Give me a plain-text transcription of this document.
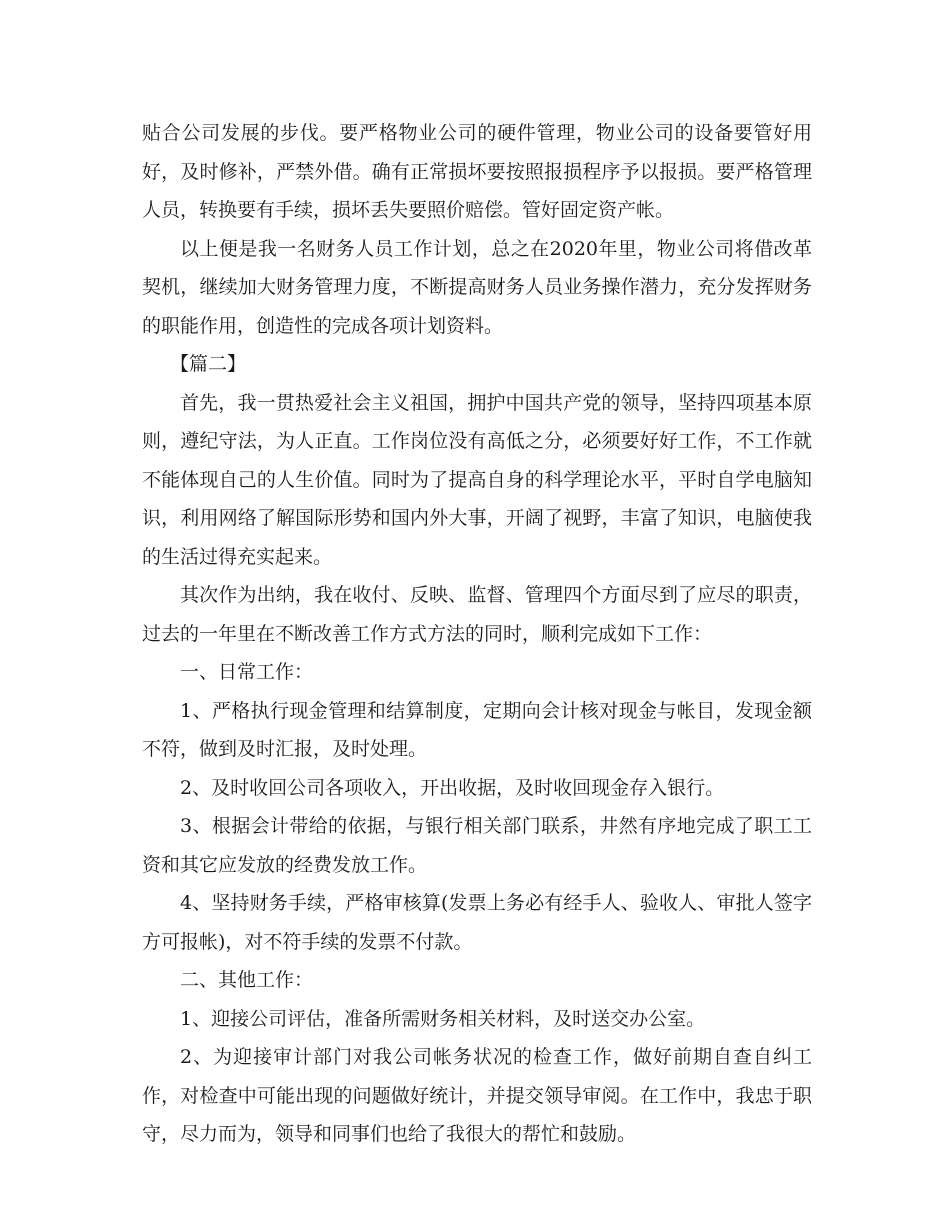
贴合公司发展的步伐。要严格物业公司的硬件管理，物业公司的设备要管好用好，及时修补，严禁外借。确有正常损坏要按照报损程序予以报损。要严格管理人员，转换要有手续，损坏丢失要照价赔偿。管好固定资产帐。

以上便是我一名财务人员工作计划，总之在2020年里，物业公司将借改革契机，继续加大财务管理力度，不断提高财务人员业务操作潜力，充分发挥财务的职能作用，创造性的完成各项计划资料。

【篇二】

首先，我一贯热爱社会主义祖国，拥护中国共产党的领导，坚持四项基本原则，遵纪守法，为人正直。工作岗位没有高低之分，必须要好好工作，不工作就不能体现自己的人生价值。同时为了提高自身的科学理论水平，平时自学电脑知识，利用网络了解国际形势和国内外大事，开阔了视野，丰富了知识，电脑使我的生活过得充实起来。

其次作为出纳，我在收付、反映、监督、管理四个方面尽到了应尽的职责，过去的一年里在不断改善工作方式方法的同时，顺利完成如下工作：

一、日常工作：

1、严格执行现金管理和结算制度，定期向会计核对现金与帐目，发现金额不符，做到及时汇报，及时处理。

2、及时收回公司各项收入，开出收据，及时收回现金存入银行。

3、根据会计带给的依据，与银行相关部门联系，井然有序地完成了职工工资和其它应发放的经费发放工作。

4、坚持财务手续，严格审核算(发票上务必有经手人、验收人、审批人签字方可报帐)，对不符手续的发票不付款。

二、其他工作：

1、迎接公司评估，准备所需财务相关材料，及时送交办公室。

2、为迎接审计部门对我公司帐务状况的检查工作，做好前期自查自纠工作，对检查中可能出现的问题做好统计，并提交领导审阅。在工作中，我忠于职守，尽力而为，领导和同事们也给了我很大的帮忙和鼓励。
